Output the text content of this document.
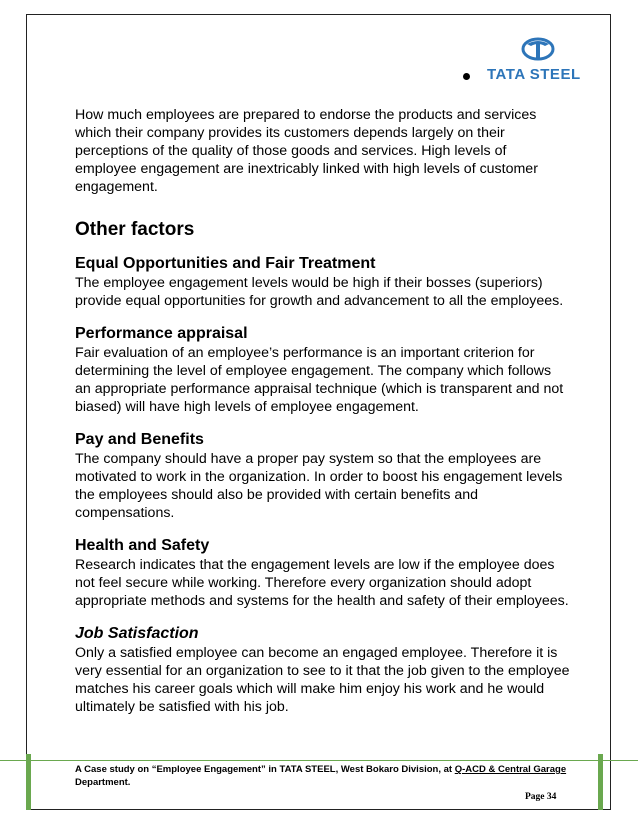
TATA STEEL

How much employees are prepared to endorse the products and services which their company provides its customers depends largely on their perceptions of the quality of those goods and services. High levels of employee engagement are inextricably linked with high levels of customer engagement.

Other factors
Equal Opportunities and Fair Treatment

The employee engagement levels would be high if their bosses (superiors) provide equal opportunities for growth and advancement to all the employees.

Performance appraisal

Fair evaluation of an employee’s performance is an important criterion for determining the level of employee engagement. The company which follows an appropriate performance appraisal technique (which is transparent and not biased) will have high levels of employee engagement.

Pay and Benefits

The company should have a proper pay system so that the employees are motivated to work in the organization. In order to boost his engagement levels the employees should also be provided with certain benefits and compensations.

Health and Safety

Research indicates that the engagement levels are low if the employee does not feel secure while working. Therefore every organization should adopt appropriate methods and systems for the health and safety of their employees.

Job Satisfaction

Only a satisfied employee can become an engaged employee. Therefore it is very essential for an organization to see to it that the job given to the employee matches his career goals which will make him enjoy his work and he would ultimately be satisfied with his job.

A Case study on “Employee Engagement” in TATA STEEL, West Bokaro Division, at Q-ACD & Central Garage Department.
Page 34
